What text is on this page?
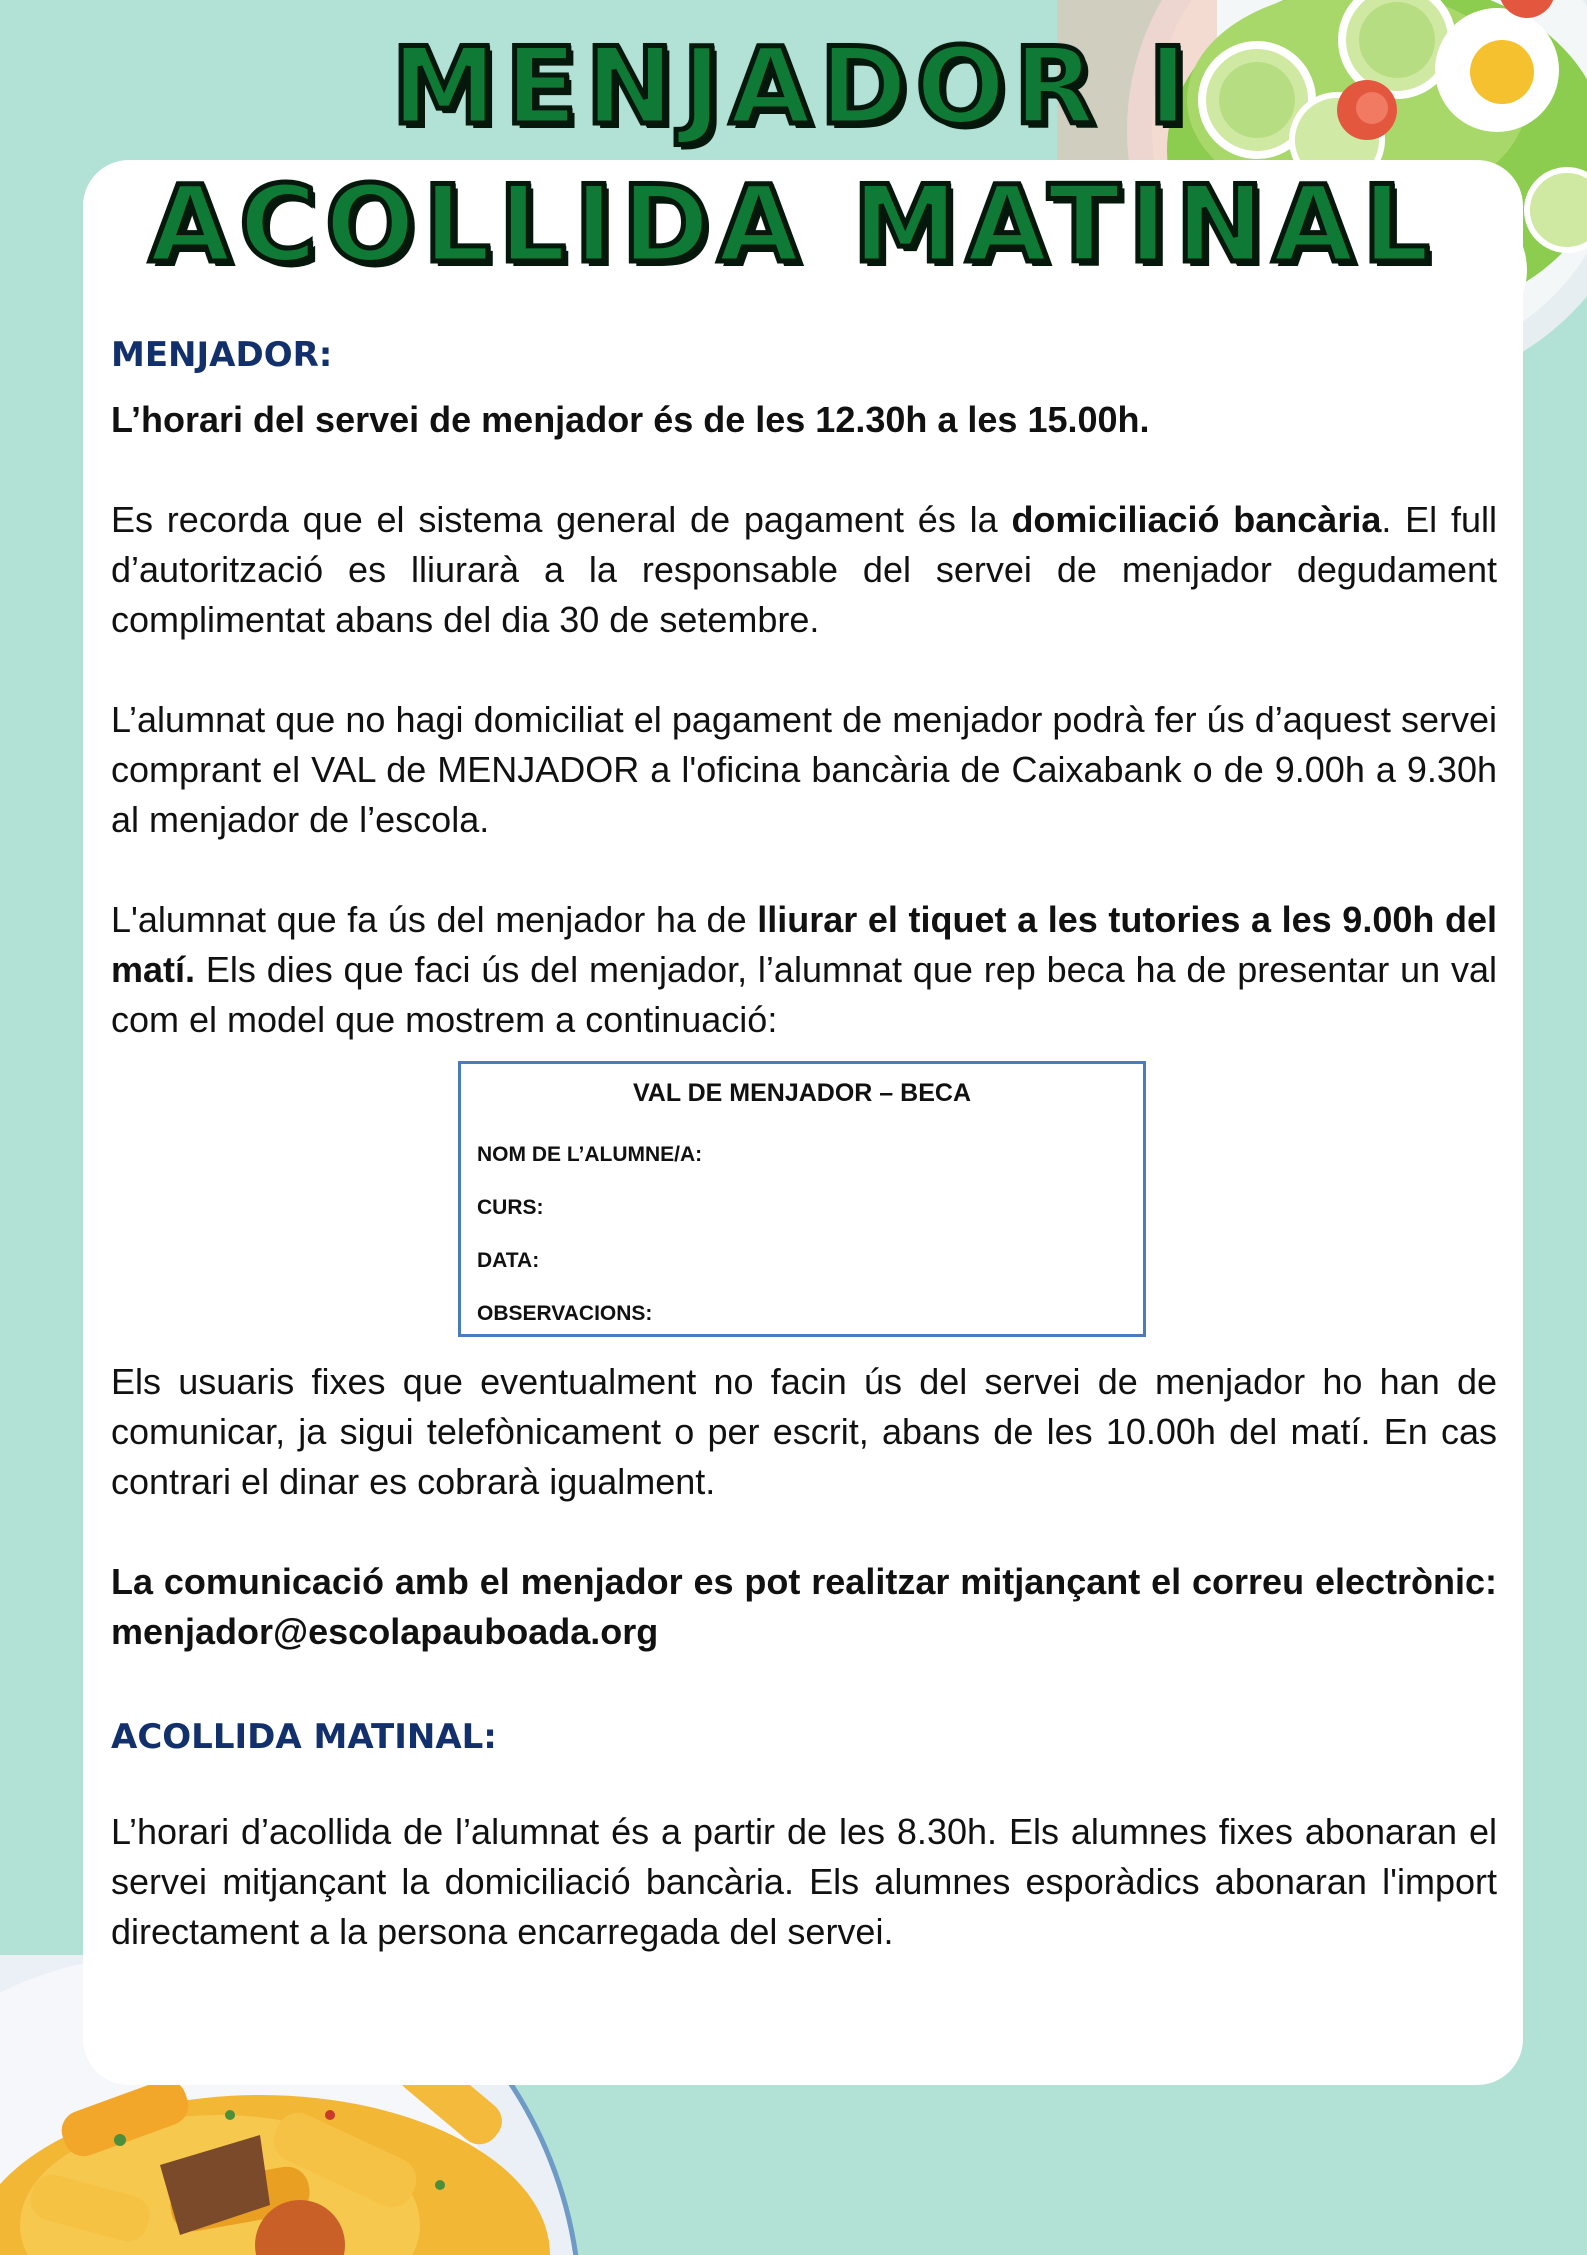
MENJADOR I
ACOLLIDA MATINAL
MENJADOR:

L’horari del servei de menjador és de les 12.30h a les 15.00h.

Es recorda que el sistema general de pagament és la domiciliació bancària. El full d’autorització es lliurarà a la responsable del servei de menjador degudament complimentat abans del dia 30 de setembre.

L’alumnat que no hagi domiciliat el pagament de menjador podrà fer ús d’aquest servei comprant el VAL de MENJADOR a l'oficina bancària de Caixabank o de 9.00h a 9.30h al menjador de l’escola.

L'alumnat que fa ús del menjador ha de lliurar el tiquet a les tutories a les 9.00h del matí. Els dies que faci ús del menjador, l’alumnat que rep beca ha de presentar un val com el model que mostrem a continuació:

VAL DE MENJADOR – BECA
NOM DE L’ALUMNE/A:
CURS:
DATA:
OBSERVACIONS:

Els usuaris fixes que eventualment no facin ús del servei de menjador ho han de comunicar, ja sigui telefònicament o per escrit, abans de les 10.00h del matí. En cas contrari el dinar es cobrarà igualment.

La comunicació amb el menjador es pot realitzar mitjançant el correu electrònic: menjador@escolapauboada.org

ACOLLIDA MATINAL:

L’horari d’acollida de l’alumnat és a partir de les 8.30h. Els alumnes fixes abonaran el servei mitjançant la domiciliació bancària. Els alumnes esporàdics abonaran l'import directament a la persona encarregada del servei.
